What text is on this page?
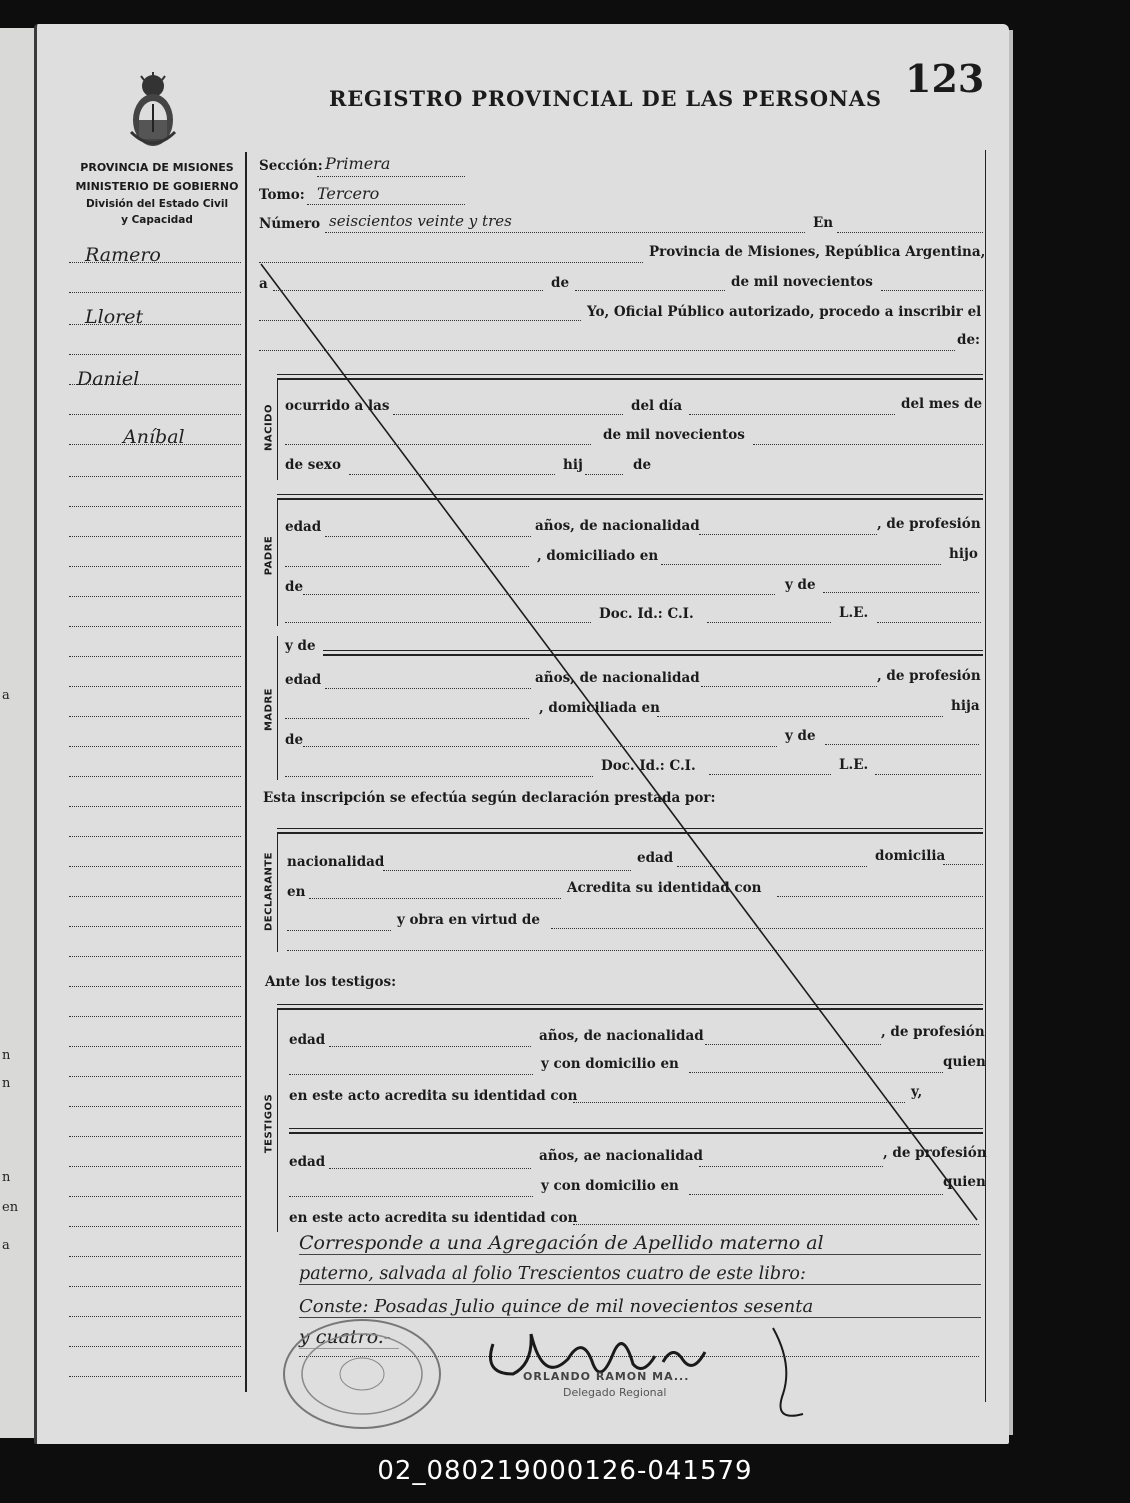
a
n
n
n
en
a
REGISTRO PROVINCIAL DE LAS PERSONAS 123
PROVINCIA DE MISIONES
MINISTERIO DE GOBIERNO
División del Estado Civil
y Capacidad
Ramero
Lloret
Daniel
Aníbal
Sección: Primera
Tomo: Tercero
Número seiscientos veinte y tres	En
Provincia de Misiones, República Argentina,
a	de	de mil novecientos
Yo, Oficial Público autorizado, procedo a inscribir el
de:
NACIDO ocurrido a las	del día	del mes de
de mil novecientos
de sexo	hij	de
PADRE
edad	años, de nacionalidad	, de profesión
, domiciliado en	hijo
de	y de
Doc. Id.: C.I.	L.E.
MADRE
y de
edad	años, de nacionalidad	, de profesión
, domiciliada en	hija
de	y de
Doc. Id.: C.I.	L.E.
Esta inscripción se efectúa según declaración prestada por:
DECLARANTE nacionalidad	edad	domicilia
en	Acredita su identidad con
y obra en virtud de
Ante los testigos:
TESTIGOS
edad	años, de nacionalidad	, de profesión
y con domicilio en	quien
en este acto acredita su identidad con	y,
edad	años, ae nacionalidad	, de profesión
y con domicilio en	quien
en este acto acredita su identidad con
Corresponde a una Agregación de Apellido materno al
paterno, salvada al folio Trescientos cuatro de este libro:
Conste: Posadas Julio quince de mil novecientos sesenta
y cuatro.-
ORLANDO RAMON MA...
Delegado Regional
02_080219000126-041579
